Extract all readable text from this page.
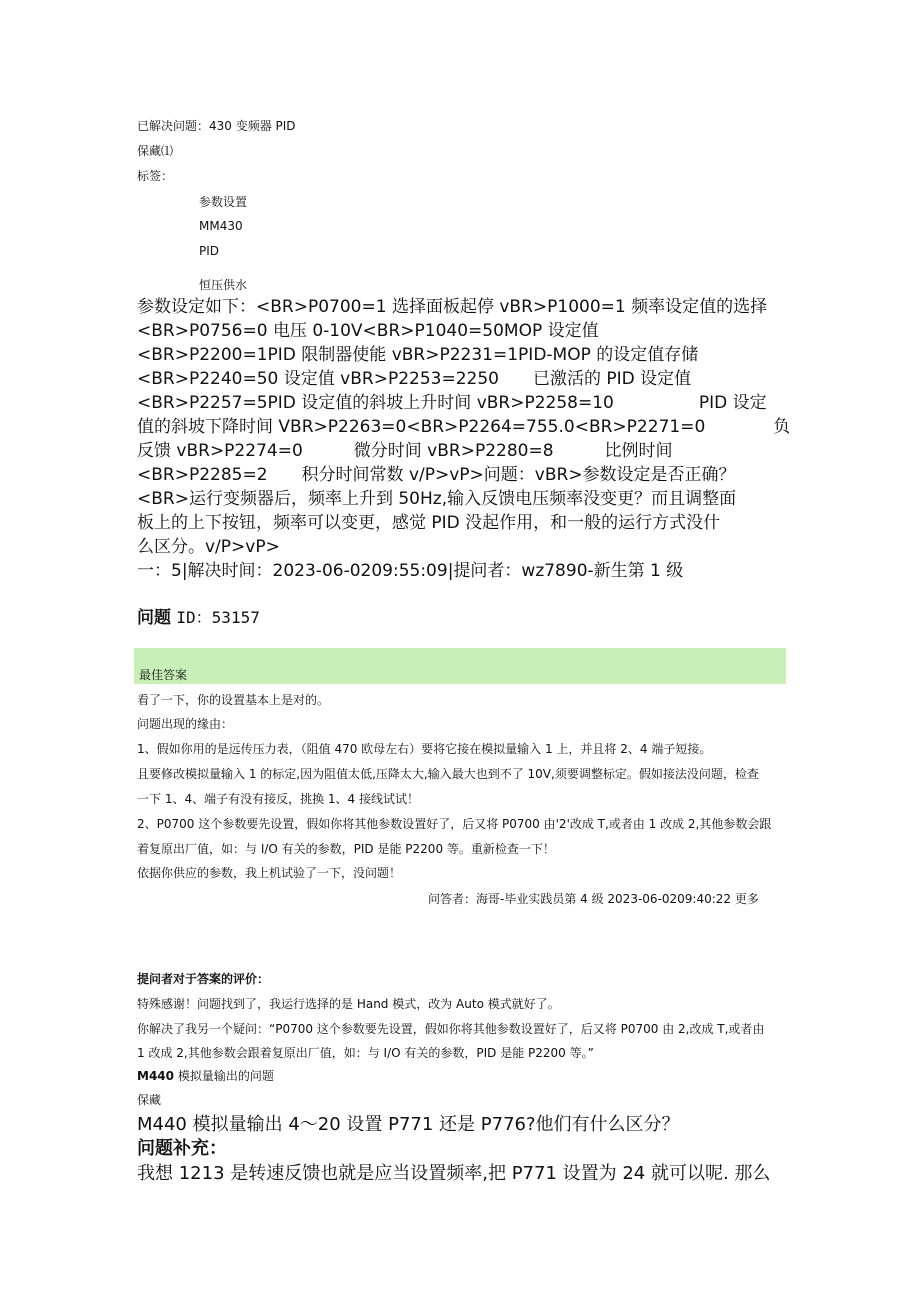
已解决问题：430 变频器 PID
保藏⑴
标签：
参数设置
MM430
PID
恒压供水
参数设定如下：<BR>P0700=1 选择面板起停 vBR>P1000=1 频率设定值的选择
<BR>P0756=0 电压 0-10V<BR>P1040=50MOP 设定值
<BR>P2200=1PID 限制器使能 vBR>P2231=1PID-MOP 的设定值存储
<BR>P2240=50 设定值 vBR>P2253=2250　　已激活的 PID 设定值
<BR>P2257=5PID 设定值的斜坡上升时间 vBR>P2258=10　　　　　PID 设定
值的斜坡下降时间 VBR>P2263=0<BR>P2264=755.0<BR>P2271=0　　　　负
反馈 vBR>P2274=0　　　微分时间 vBR>P2280=8　　　比例时间
<BR>P2285=2　　积分时间常数 v/P>vP>问题：vBR>参数设定是否正确？
<BR>运行变频器后，频率上升到 50Hz,输入反馈电压频率没变更？而且调整面
板上的上下按钮，频率可以变更，感觉 PID 没起作用，和一般的运行方式没什
么区分。v/P>vP>
一：5|解决时间：2023-06-0209:55:09|提问者：wz7890-新生第 1 级
问题 ID：53157
最佳答案
看了一下，你的设置基本上是对的。
问题出现的缘由：
1、假如你用的是远传压力表，（阻值 470 欧母左右）要将它接在模拟量输入 1 上，并且将 2、4 端子短接。
且要修改模拟量输入 1 的标定,因为阻值太低,压降太大,输入最大也到不了 10V,须要调整标定。假如接法没问题，检查
一下 1、4、端子有没有接反，挑换 1、4 接线试试！
2、P0700 这个参数要先设置，假如你将其他参数设置好了，后又将 P0700 由'2'改成 T,或者由 1 改成 2,其他参数会跟
着复原出厂值，如：与 I/O 有关的参数，PID 是能 P2200 等。重新检查一下！
依据你供应的参数，我上机试验了一下，没问题！
问答者：海哥-毕业实践员第 4 级 2023-06-0209:40:22 更多
提问者对于答案的评价：
特殊感谢！问题找到了，我运行选择的是 Hand 模式，改为 Auto 模式就好了。
你解决了我另一个疑问：“P0700 这个参数要先设置，假如你将其他参数设置好了，后又将 P0700 由 2,改成 T,或者由
1 改成 2,其他参数会跟着复原出厂值，如：与 I/O 有关的参数，PID 是能 P2200 等。”
M440 模拟量输出的问题
保藏
M440 模拟量输出 4～20 设置 P771 还是 P776?他们有什么区分？
问题补充：
我想 1213 是转速反馈也就是应当设置频率,把 P771 设置为 24 就可以呢. 那么
